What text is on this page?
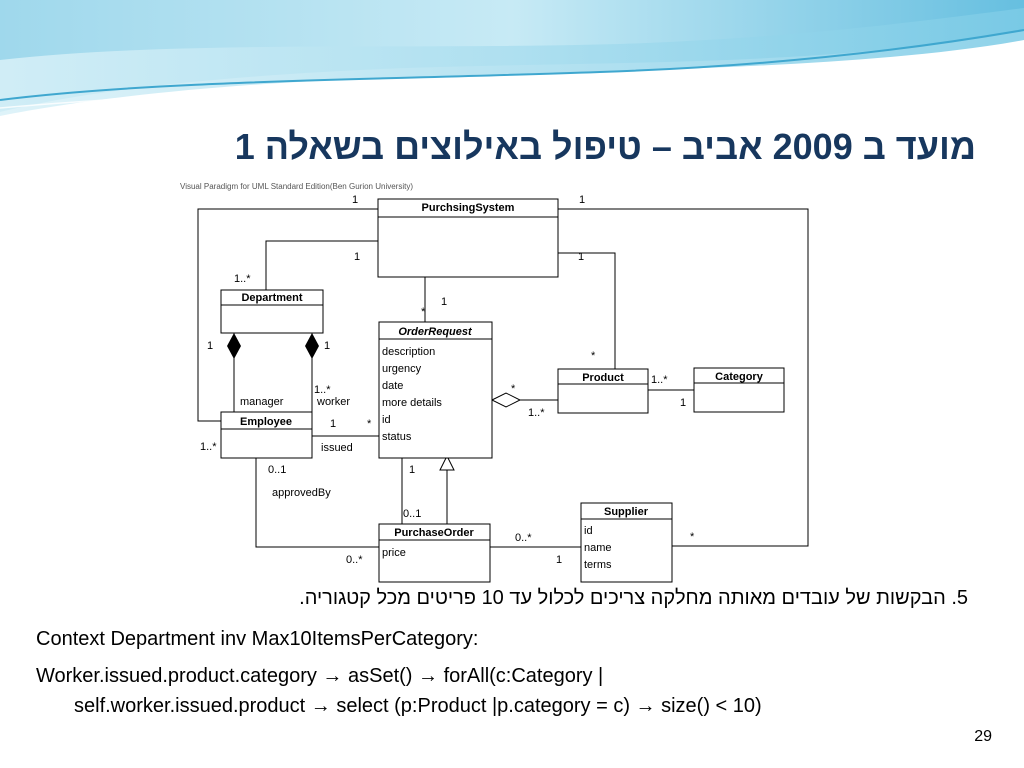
מועד ב 2009 אביב – טיפול באילוצים בשאלה 1
Visual Paradigm for UML Standard Edition(Ben Gurion University)
PurchsingSystem
Department
OrderRequest
description
urgency
date
more details
id
status
Employee
Product	Category
PurchaseOrder
price
Supplier
id
name
terms
1	1
1
1..*
1
*
1
*
1	1
manager
1..*
worker
1
issued
*
*
1..*
1..*
1
1..*
0..1
approvedBy
1
0..1
0..*
0..*
1
*
5. הבקשות של עובדים מאותה מחלקה צריכים לכלול עד 10 פריטים מכל קטגוריה.
Context Department inv Max10ItemsPerCategory:
Worker.issued.product.category → asSet() → forAll(c:Category |
self.worker.issued.product → select (p:Product |p.category = c) → size() < 10)
29
